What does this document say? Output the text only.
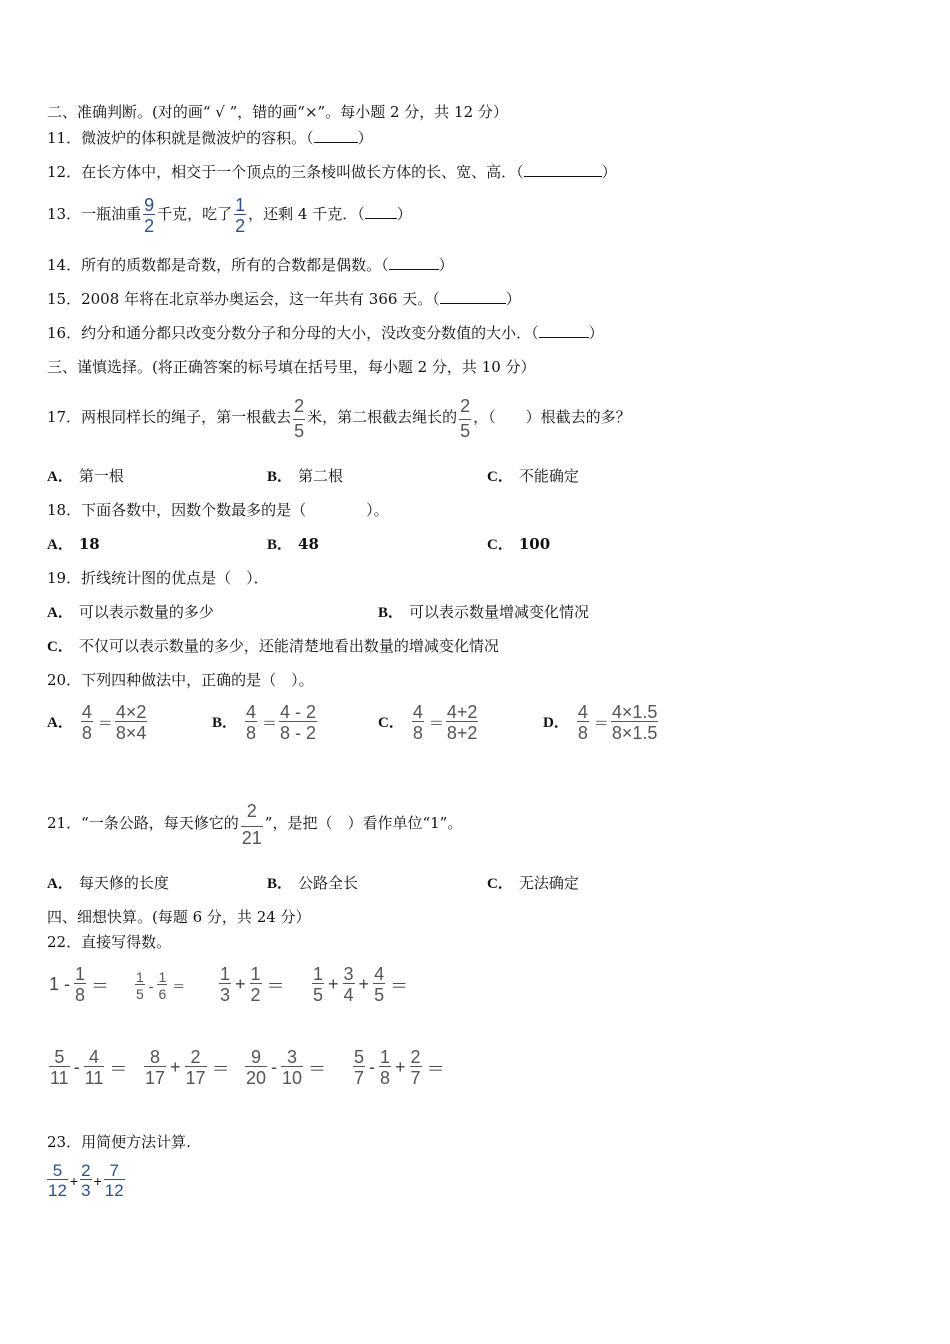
二、准确判断。(对的画“ √ ”，错的画“×”。每小题 2 分，共 12 分）
11．微波炉的体积就是微波炉的容积。（	）
12．在长方体中，相交于一个顶点的三条棱叫做长方体的长、宽、高．（	）
13．一瓶油重 $\frac{9}{2}$ 千克，吃了 $\frac{1}{2}$ ，还剩 4 千克．（ ）
14．所有的质数都是奇数，所有的合数都是偶数。（	）
15．2008 年将在北京举办奥运会，这一年共有 366 天。（	）
16．约分和通分都只改变分数分子和分母的大小，没改变分数值的大小．（	）
三、谨慎选择。(将正确答案的标号填在括号里，每小题 2 分，共 10 分）
17．两根同样长的绳子，第一根截去 $\frac{2}{5}$ 米，第二根截去绳长的 $\frac{2}{5}$ ，（　　）根截去的多？
A． 第一根	B． 第二根	C． 不能确定
18．下面各数中，因数个数最多的是（　　　　）。
A． 18	B． 48	C． 100
19．折线统计图的优点是（　）．
A． 可以表示数量的多少	B． 可以表示数量增减变化情况
C． 不仅可以表示数量的多少，还能清楚地看出数量的增减变化情况
20．下列四种做法中，正确的是（　）。
A． $\frac{4}{8} = \frac{4\times 2}{8\times 4}$	B． $\frac{4}{8} = \frac{4 - 2}{8 - 2}$	C． $\frac{4}{8} = \frac{4+2}{8+2}$	D． $\frac{4}{8} = \frac{4\times 1.5}{8\times 1.5}$
21．“一条公路，每天修它的 $\frac{2}{21}$ ”，是把（　）看作单位“1”。
A． 每天修的长度	B． 公路全长	C． 无法确定
四、细想快算。(每题 6 分，共 24 分）
22．直接写得数。
$1 - \frac{1}{8} = \frac{1}{5} - \frac{1}{6} = \frac{1}{3} + \frac{1}{2} = \frac{1}{5} + \frac{3}{4} + \frac{4}{5}$ ＝
$\frac{5}{11} - \frac{4}{11} = \frac{8}{17} + \frac{2}{17} = \frac{9}{20} - \frac{3}{10} = \frac{5}{7} - \frac{1}{8} + \frac{2}{7}$ ＝
23．用简便方法计算.
$\frac{5}{12} + \frac{2}{3} + \frac{7}{12}$
